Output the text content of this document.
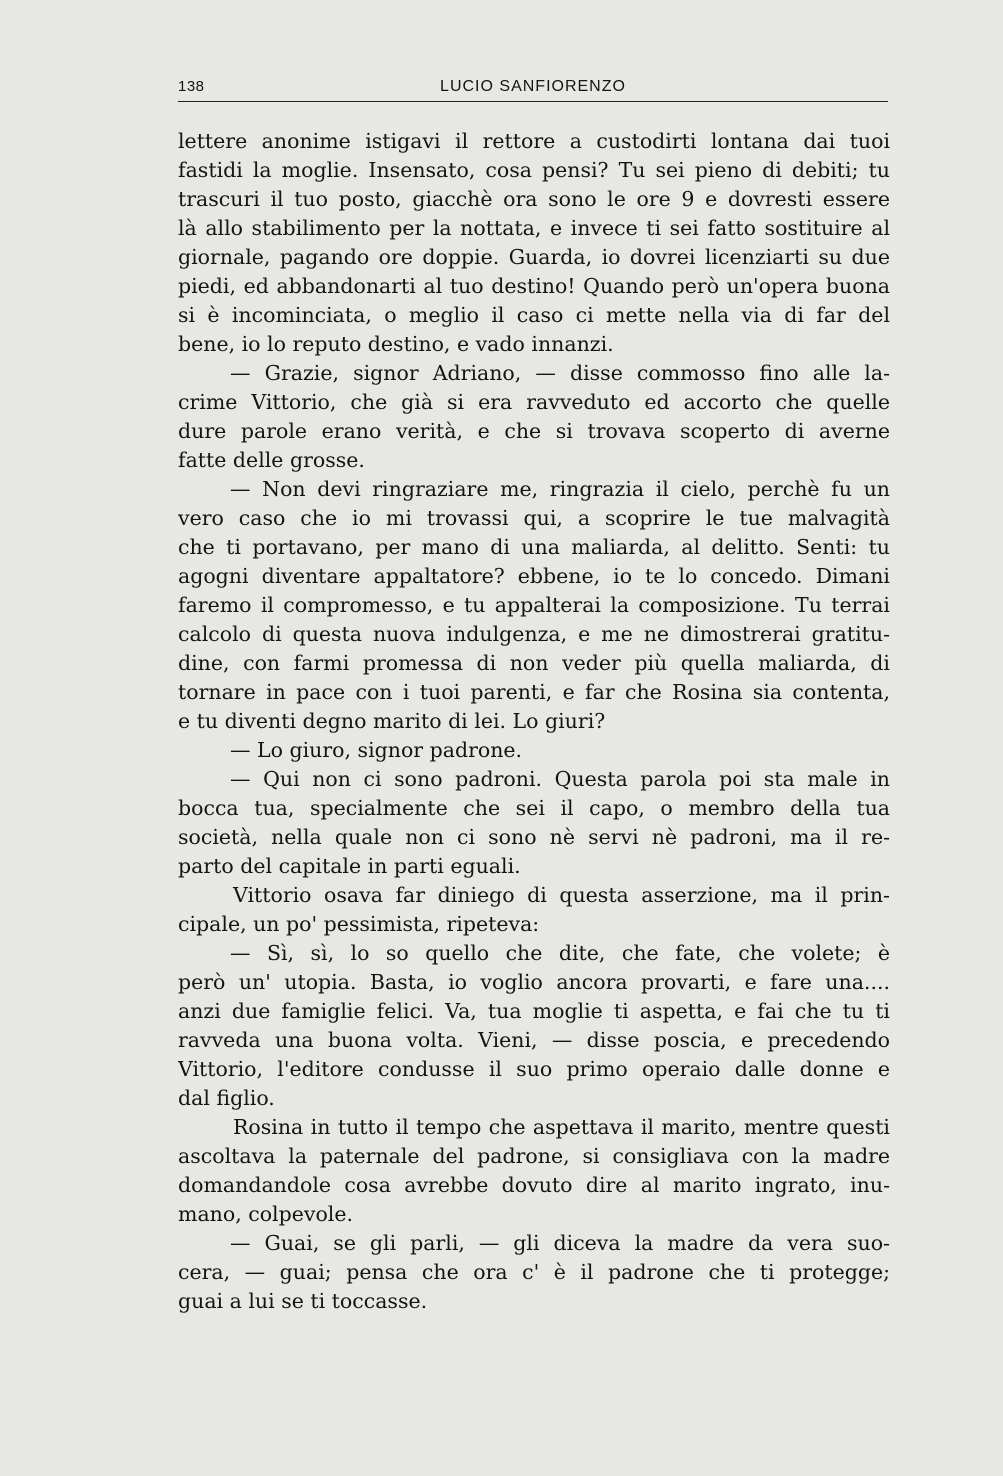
138	LUCIO SANFIORENZO
lettere anonime istigavi il rettore a custodirti lontana dai tuoi
fastidi la moglie. Insensato, cosa pensi? Tu sei pieno di debiti; tu
trascuri il tuo posto, giacchè ora sono le ore 9 e dovresti essere
là allo stabilimento per la nottata, e invece ti sei fatto sostituire al
giornale, pagando ore doppie. Guarda, io dovrei licenziarti su due
piedi, ed abbandonarti al tuo destino! Quando però un'opera buona
si è incominciata, o meglio il caso ci mette nella via di far del
bene, io lo reputo destino, e vado innanzi.
— Grazie, signor Adriano, — disse commosso fino alle la-
crime Vittorio, che già si era ravveduto ed accorto che quelle
dure parole erano verità, e che si trovava scoperto di averne
fatte delle grosse.
— Non devi ringraziare me, ringrazia il cielo, perchè fu un
vero caso che io mi trovassi qui, a scoprire le tue malvagità
che ti portavano, per mano di una maliarda, al delitto. Senti: tu
agogni diventare appaltatore? ebbene, io te lo concedo. Dimani
faremo il compromesso, e tu appalterai la composizione. Tu terrai
calcolo di questa nuova indulgenza, e me ne dimostrerai gratitu-
dine, con farmi promessa di non veder più quella maliarda, di
tornare in pace con i tuoi parenti, e far che Rosina sia contenta,
e tu diventi degno marito di lei. Lo giuri?
— Lo giuro, signor padrone.
— Qui non ci sono padroni. Questa parola poi sta male in
bocca tua, specialmente che sei il capo, o membro della tua
società, nella quale non ci sono nè servi nè padroni, ma il re-
parto del capitale in parti eguali.
Vittorio osava far diniego di questa asserzione, ma il prin-
cipale, un po' pessimista, ripeteva:
— Sì, sì, lo so quello che dite, che fate, che volete; è
però un' utopia. Basta, io voglio ancora provarti, e fare una....
anzi due famiglie felici. Va, tua moglie ti aspetta, e fai che tu ti
ravveda una buona volta. Vieni, — disse poscia, e precedendo
Vittorio, l'editore condusse il suo primo operaio dalle donne e
dal figlio.
Rosina in tutto il tempo che aspettava il marito, mentre questi
ascoltava la paternale del padrone, si consigliava con la madre
domandandole cosa avrebbe dovuto dire al marito ingrato, inu-
mano, colpevole.
— Guai, se gli parli, — gli diceva la madre da vera suo-
cera, — guai; pensa che ora c' è il padrone che ti protegge;
guai a lui se ti toccasse.
